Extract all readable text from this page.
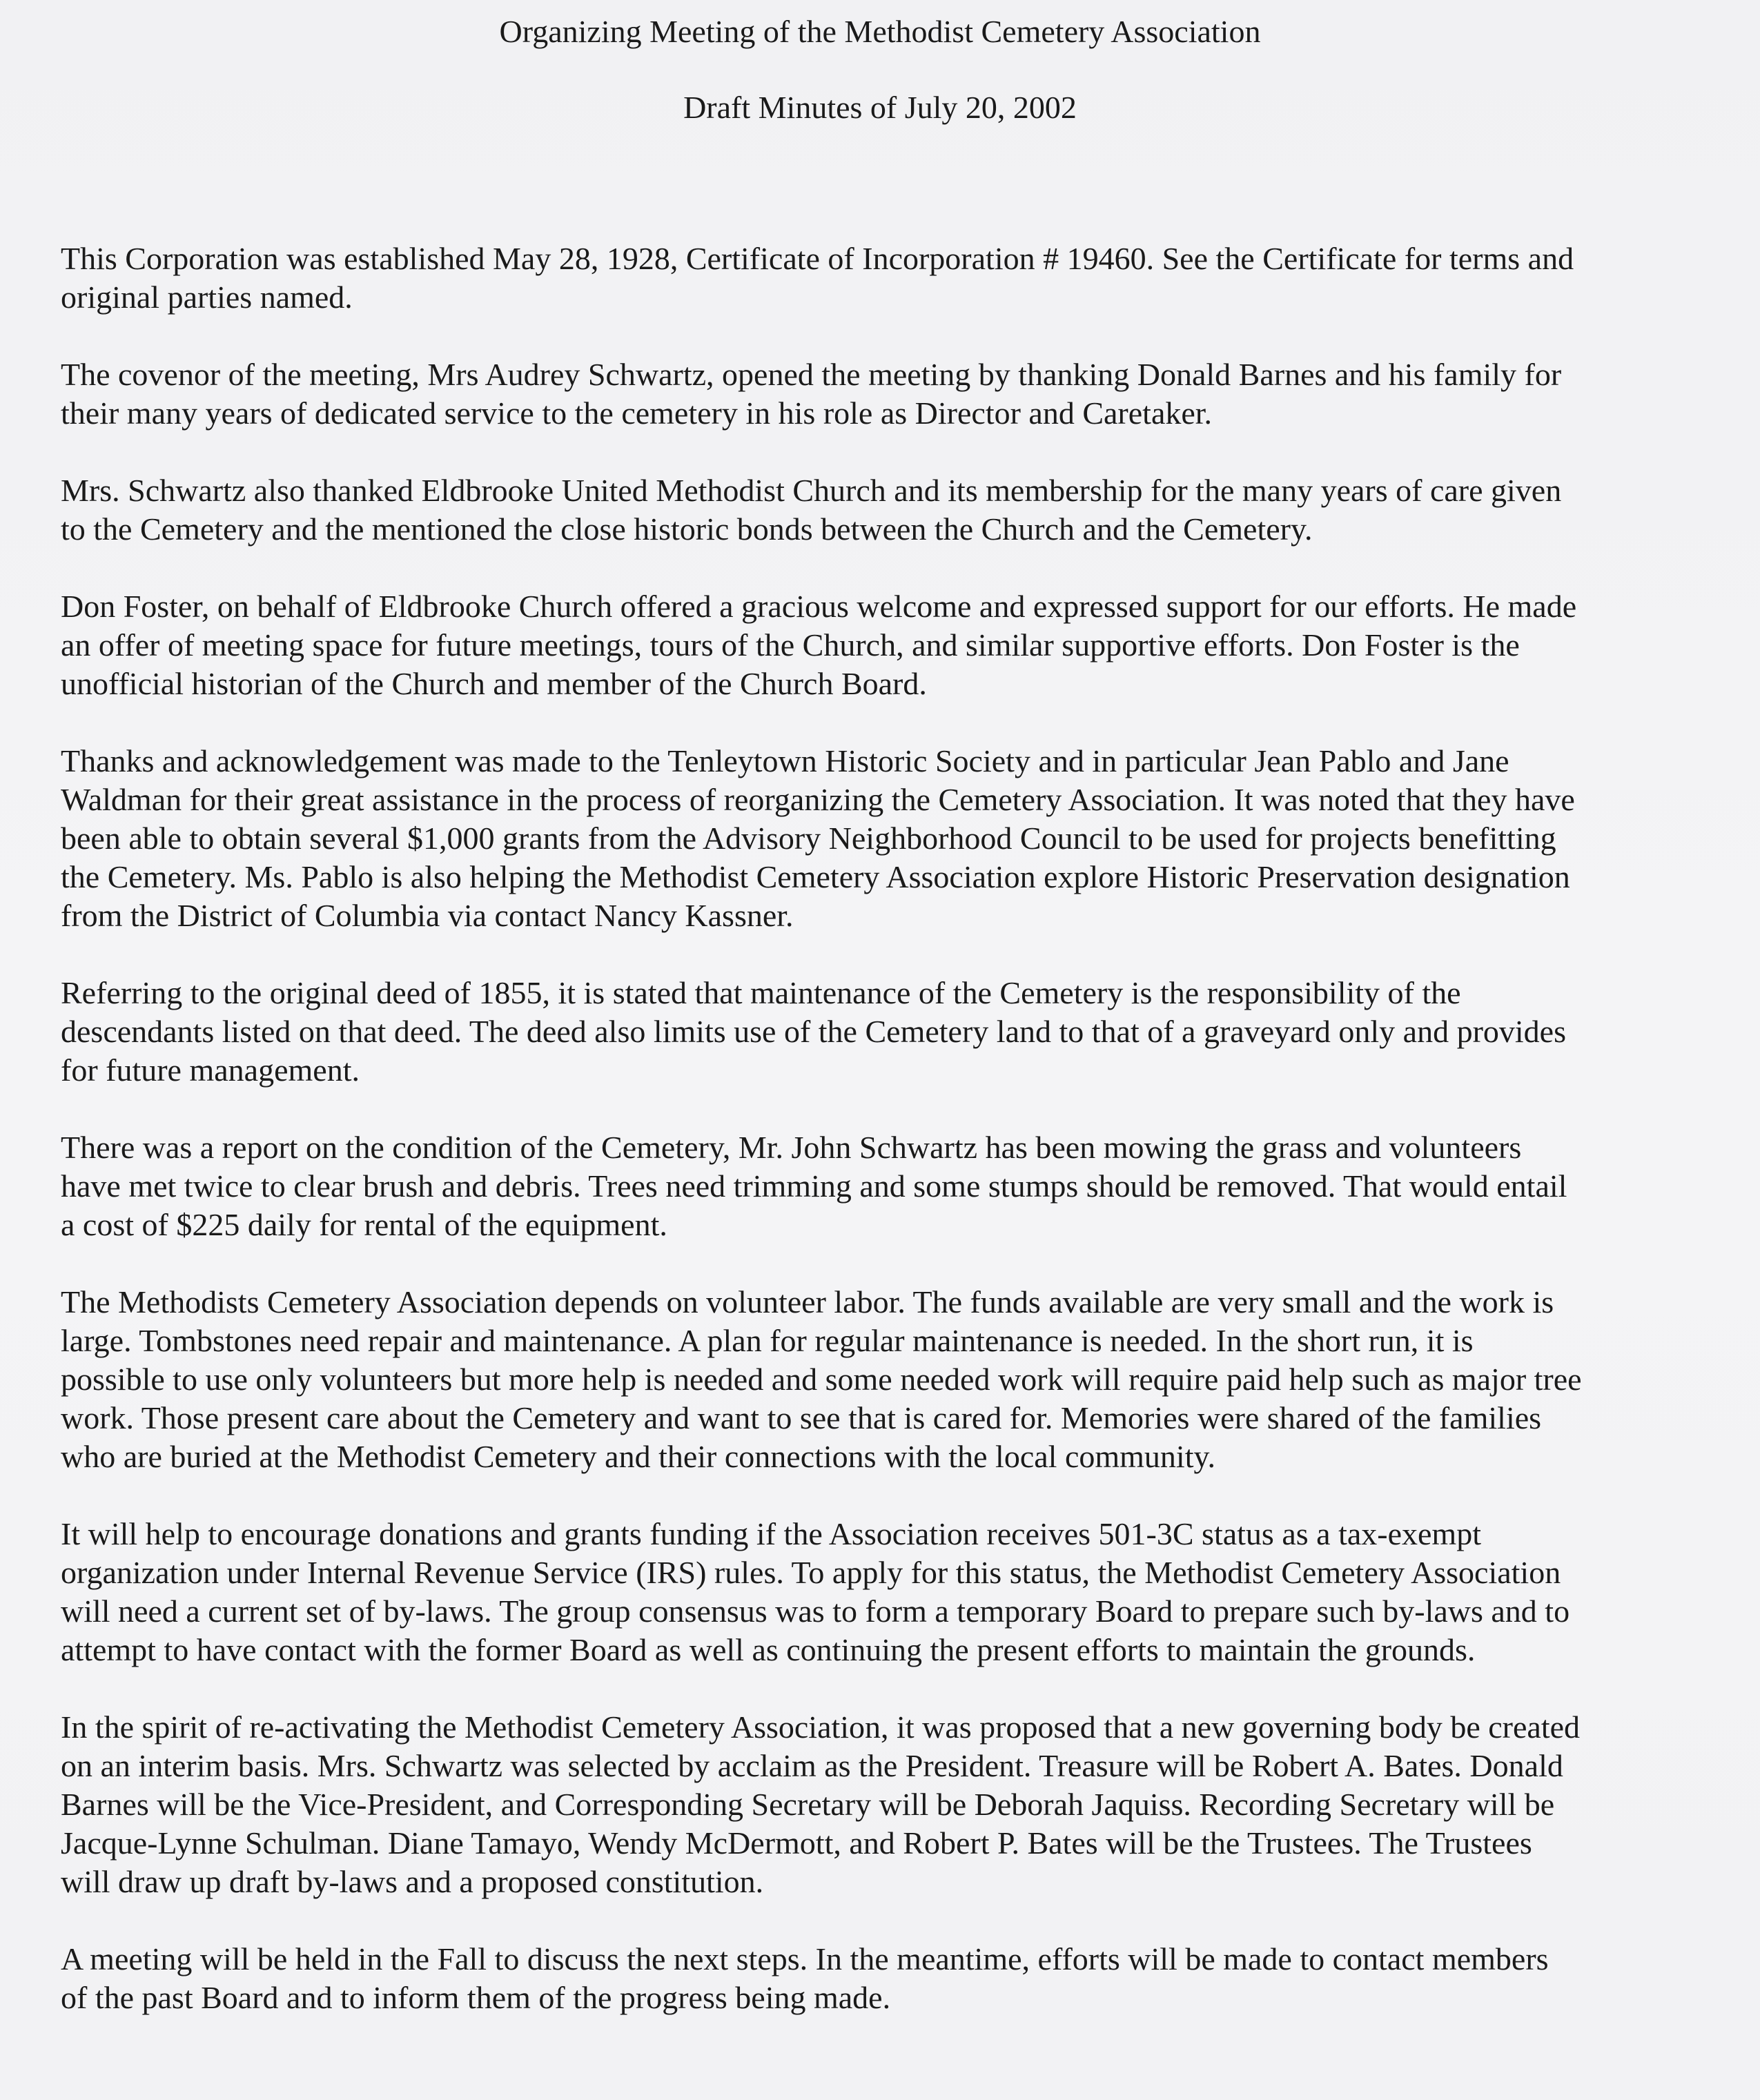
Organizing Meeting of the Methodist Cemetery Association
Draft Minutes of July 20, 2002

This Corporation was established May 28, 1928, Certificate of Incorporation # 19460. See the Certificate for terms and
original parties named.

The covenor of the meeting, Mrs Audrey Schwartz, opened the meeting by thanking Donald Barnes and his family for
their many years of dedicated service to the cemetery in his role as Director and Caretaker.

Mrs. Schwartz also thanked Eldbrooke United Methodist Church and its membership for the many years of care given
to the Cemetery and the mentioned the close historic bonds between the Church and the Cemetery.

Don Foster, on behalf of Eldbrooke Church offered a gracious welcome and expressed support for our efforts. He made
an offer of meeting space for future meetings, tours of the Church, and similar supportive efforts. Don Foster is the
unofficial historian of the Church and member of the Church Board.

Thanks and acknowledgement was made to the Tenleytown Historic Society and in particular Jean Pablo and Jane
Waldman for their great assistance in the process of reorganizing the Cemetery Association. It was noted that they have
been able to obtain several $1,000 grants from the Advisory Neighborhood Council to be used for projects benefitting
the Cemetery. Ms. Pablo is also helping the Methodist Cemetery Association explore Historic Preservation designation
from the District of Columbia via contact Nancy Kassner.

Referring to the original deed of 1855, it is stated that maintenance of the Cemetery is the responsibility of the
descendants listed on that deed. The deed also limits use of the Cemetery land to that of a graveyard only and provides
for future management.

There was a report on the condition of the Cemetery, Mr. John Schwartz has been mowing the grass and volunteers
have met twice to clear brush and debris. Trees need trimming and some stumps should be removed. That would entail
a cost of $225 daily for rental of the equipment.

The Methodists Cemetery Association depends on volunteer labor. The funds available are very small and the work is
large. Tombstones need repair and maintenance. A plan for regular maintenance is needed. In the short run, it is
possible to use only volunteers but more help is needed and some needed work will require paid help such as major tree
work. Those present care about the Cemetery and want to see that is cared for. Memories were shared of the families
who are buried at the Methodist Cemetery and their connections with the local community.

It will help to encourage donations and grants funding if the Association receives 501-3C status as a tax-exempt
organization under Internal Revenue Service (IRS) rules. To apply for this status, the Methodist Cemetery Association
will need a current set of by-laws. The group consensus was to form a temporary Board to prepare such by-laws and to
attempt to have contact with the former Board as well as continuing the present efforts to maintain the grounds.

In the spirit of re-activating the Methodist Cemetery Association, it was proposed that a new governing body be created
on an interim basis. Mrs. Schwartz was selected by acclaim as the President. Treasure will be Robert A. Bates. Donald
Barnes will be the Vice-President, and Corresponding Secretary will be Deborah Jaquiss. Recording Secretary will be
Jacque-Lynne Schulman. Diane Tamayo, Wendy McDermott, and Robert P. Bates will be the Trustees. The Trustees
will draw up draft by-laws and a proposed constitution.

A meeting will be held in the Fall to discuss the next steps. In the meantime, efforts will be made to contact members
of the past Board and to inform them of the progress being made.
